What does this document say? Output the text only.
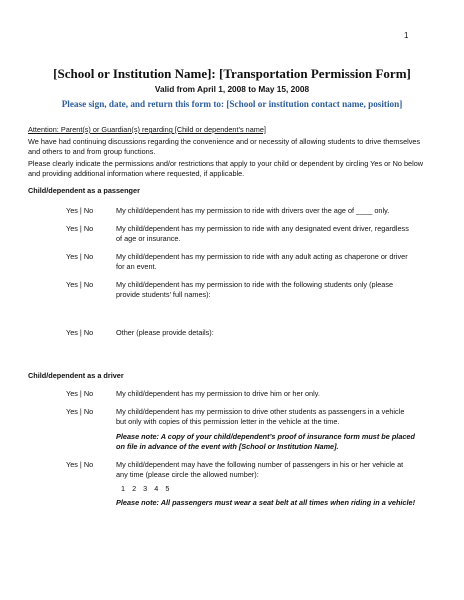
1
[School or Institution Name]: [Transportation Permission Form]
Valid from April 1, 2008 to May 15, 2008
Please sign, date, and return this form to: [School or institution contact name, position]
Attention: Parent(s) or Guardian(s) regarding [Child or dependent’s name]
We have had continuing discussions regarding the convenience and or necessity of allowing students to drive themselves and others to and from group functions.
Please clearly indicate the permissions and/or restrictions that apply to your child or dependent by circling Yes or No below and providing additional information where requested, if applicable.
Child/dependent as a passenger
Yes | No	My child/dependent has my permission to ride with drivers over the age of ____ only.
Yes | No	My child/dependent has my permission to ride with any designated event driver, regardless of age or insurance.
Yes | No	My child/dependent has my permission to ride with any adult acting as chaperone or driver for an event.
Yes | No	My child/dependent has my permission to ride with the following students only (please provide students’ full names):
Yes | No	Other (please provide details):
Child/dependent as a driver
Yes | No	My child/dependent has my permission to drive him or her only.
Yes | No	My child/dependent has my permission to drive other students as passengers in a vehicle but only with copies of this permission letter in the vehicle at the time.
Please note: A copy of your child/dependent’s proof of insurance form must be placed on file in advance of the event with [School or Institution Name].
Yes | No	My child/dependent may have the following number of passengers in his or her vehicle at any time (please circle the allowed number):
1 2 3 4 5
Please note: All passengers must wear a seat belt at all times when riding in a vehicle!
